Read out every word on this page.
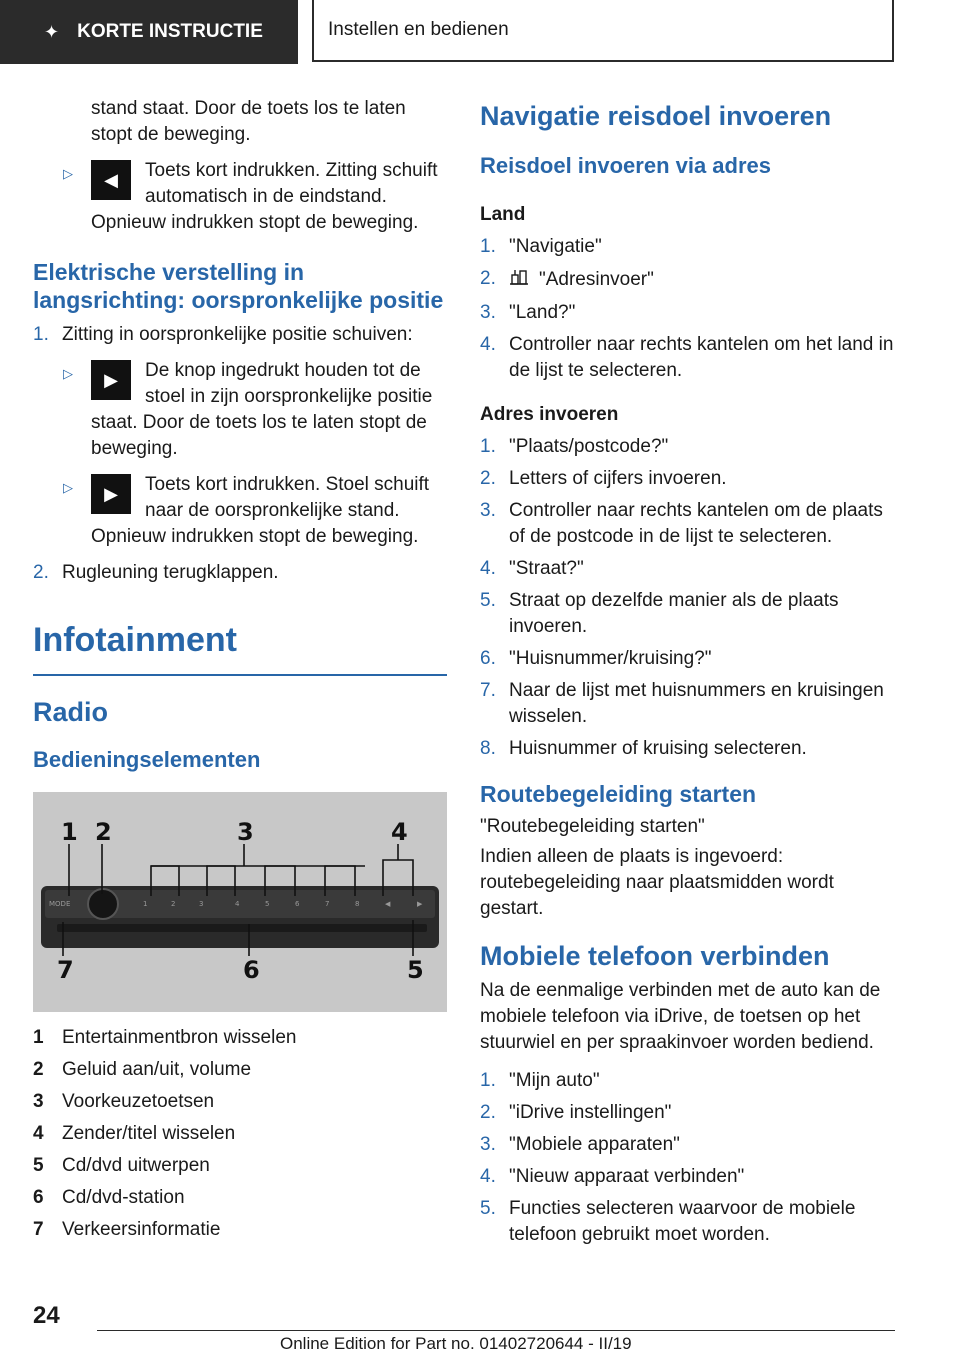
✦ KORTE INSTRUCTIE	Instellen en bedienen

stand staat. Door de toets los te laten stopt de beweging.

▷	◀	Toets kort indrukken. Zitting schuift automatisch in de eindstand. Opnieuw indrukken stopt de beweging.
Elektrische verstelling in langsrichting: oorspronkelijke positie
1. Zitting in oorspronkelijke positie schuiven:
▷	▶	De knop ingedrukt houden tot de stoel in zijn oorspronkelijke positie staat. Door de toets los te laten stopt de beweging.
▷	▶	Toets kort indrukken. Stoel schuift naar de oorspronkelijke stand. Opnieuw indrukken stopt de beweging.
2. Rugleuning terugklappen.
Infotainment
Radio
Bedieningselementen
MODE	1	2	3	4	5	6	7	8	◀	▶
1 2	3	4
5
6
7
1 Entertainmentbron wisselen
2 Geluid aan/uit, volume
3 Voorkeuzetoetsen
4 Zender/titel wisselen
5 Cd/dvd uitwerpen
6 Cd/dvd-station
7 Verkeersinformatie
Navigatie reisdoel invoeren
Reisdoel invoeren via adres
Land
1. "Navigatie"
2. "Adresinvoer"
3. "Land?"
4. Controller naar rechts kantelen om het land in de lijst te selecteren.
Adres invoeren
1. "Plaats/postcode?"
2. Letters of cijfers invoeren.
3. Controller naar rechts kantelen om de plaats of de postcode in de lijst te selecteren.
4. "Straat?"
5. Straat op dezelfde manier als de plaats invoeren.
6. "Huisnummer/kruising?"
7. Naar de lijst met huisnummers en kruisingen wisselen.
8. Huisnummer of kruising selecteren.
Routebegeleiding starten

"Routebegeleiding starten"

Indien alleen de plaats is ingevoerd: routebegeleiding naar plaatsmidden wordt gestart.

Mobiele telefoon verbinden

Na de eenmalige verbinden met de auto kan de mobiele telefoon via iDrive, de toetsen op het stuurwiel en per spraakinvoer worden bediend.

1. "Mijn auto"
2. "iDrive instellingen"
3. "Mobiele apparaten"
4. "Nieuw apparaat verbinden"
5. Functies selecteren waarvoor de mobiele telefoon gebruikt moet worden.
24
Online Edition for Part no. 01402720644 - II/19
